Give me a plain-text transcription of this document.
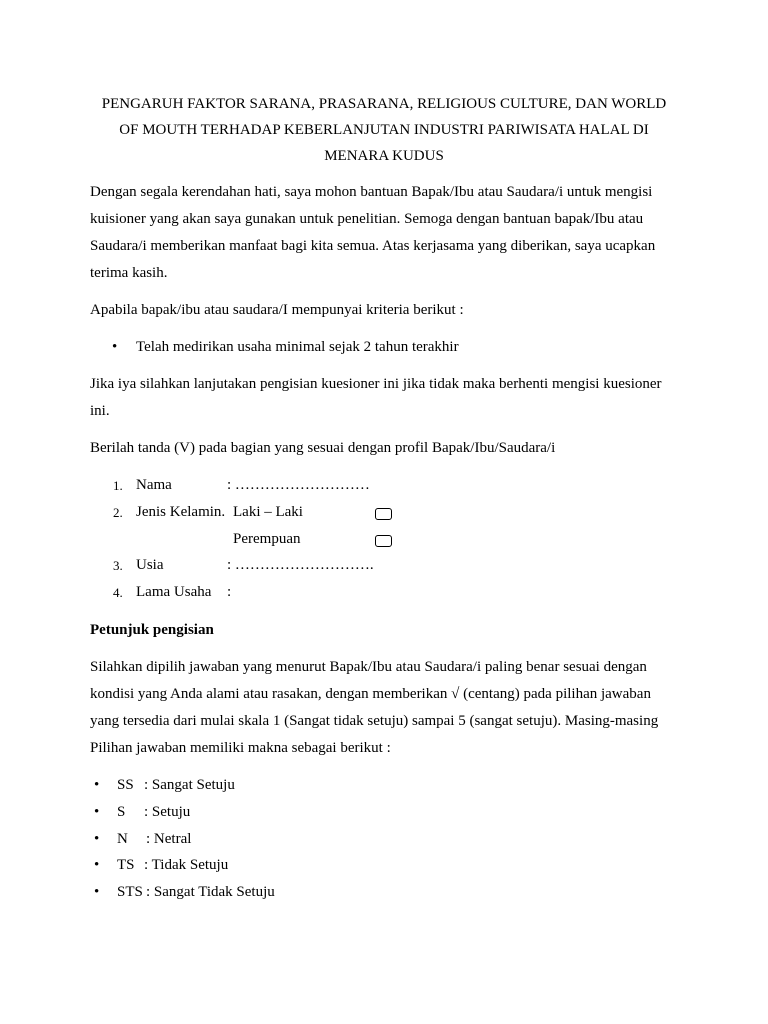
PENGARUH FAKTOR SARANA, PRASARANA, RELIGIOUS CULTURE, DAN WORLD
OF MOUTH TERHADAP KEBERLANJUTAN INDUSTRI PARIWISATA HALAL DI
MENARA KUDUS

Dengan segala kerendahan hati, saya mohon bantuan Bapak/Ibu atau Saudara/i untuk mengisi kuisioner yang akan saya gunakan untuk penelitian. Semoga dengan bantuan bapak/Ibu atau Saudara/i memberikan manfaat bagi kita semua. Atas kerjasama yang diberikan, saya ucapkan terima kasih.

Apabila bapak/ibu atau saudara/I mempunyai kriteria berikut :

• Telah medirikan usaha minimal sejak 2 tahun terakhir

Jika iya silahkan lanjutakan pengisian kuesioner ini jika tidak maka berhenti mengisi kuesioner ini.

Berilah tanda (V) pada bagian yang sesuai dengan profil Bapak/Ibu/Saudara/i

1. Nama	: ………………………
2. Jenis Kelamin. Laki – Laki
Perempuan
3. Usia	: ……………………….
4. Lama Usaha :
Petunjuk pengisian

Silahkan dipilih jawaban yang menurut Bapak/Ibu atau Saudara/i paling benar sesuai dengan kondisi yang Anda alami atau rasakan, dengan memberikan √ (centang) pada pilihan jawaban yang tersedia dari mulai skala 1 (Sangat tidak setuju) sampai 5 (sangat setuju). Masing-masing Pilihan jawaban memiliki makna sebagai berikut :

• SS : Sangat Setuju
• S : Setuju
• N : Netral
• TS : Tidak Setuju
• STS : Sangat Tidak Setuju
